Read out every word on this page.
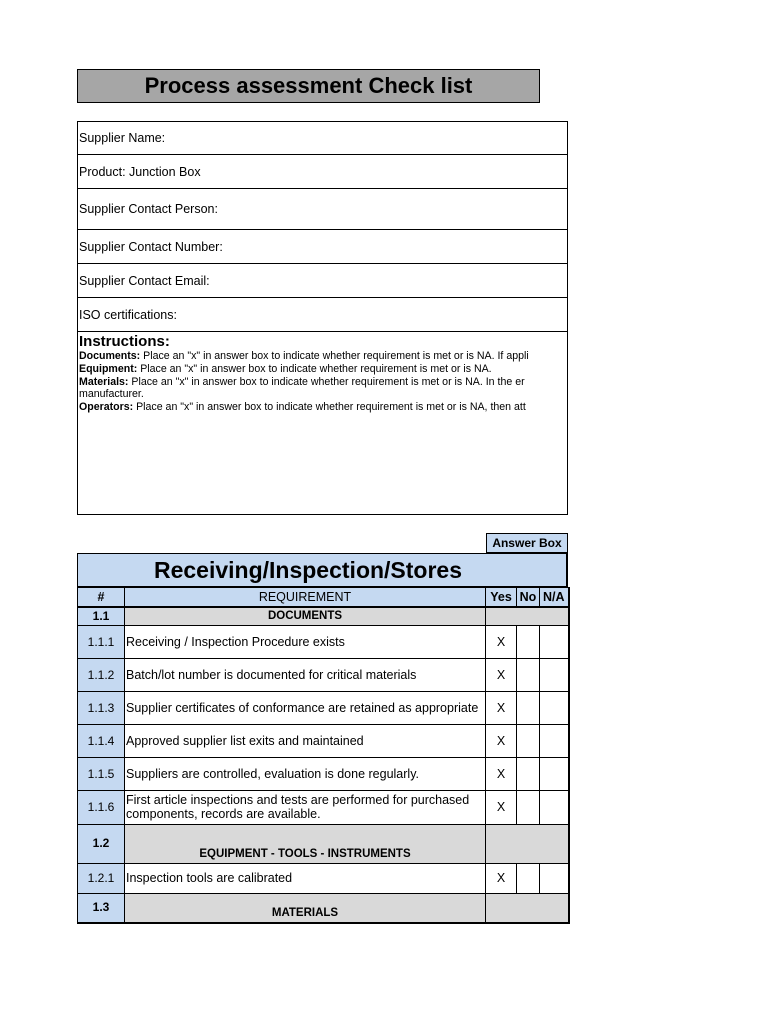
Process assessment Check list
Supplier Name:
Product: Junction Box
Supplier Contact Person:
Supplier Contact Number:
Supplier Contact Email:
ISO certifications:
Instructions:
Documents: Place an "x" in answer box to indicate whether requirement is met or is NA. If appli
Equipment: Place an "x" in answer box to indicate whether requirement is met or is NA.
Materials: Place an "x" in answer box to indicate whether requirement is met or is NA. In the er
manufacturer.
Operators: Place an "x" in answer box to indicate whether requirement is met or is NA, then att
Answer Box
Receiving/Inspection/Stores
#	REQUIREMENT	Yes	No	N/A
1.1	DOCUMENTS			
1.1.1	Receiving / Inspection Procedure exists	X		
1.1.2	Batch/lot number is documented for critical materials	X		
1.1.3	Supplier certificates of conformance are retained as appropriate	X		
1.1.4	Approved supplier list exits and maintained	X		
1.1.5	Suppliers are controlled, evaluation is done regularly.	X		
1.1.6	First article inspections and tests are performed for purchased components, records are available.	X		
1.2	EQUIPMENT - TOOLS - INSTRUMENTS			
1.2.1	Inspection tools are calibrated	X		
1.3	MATERIALS			
